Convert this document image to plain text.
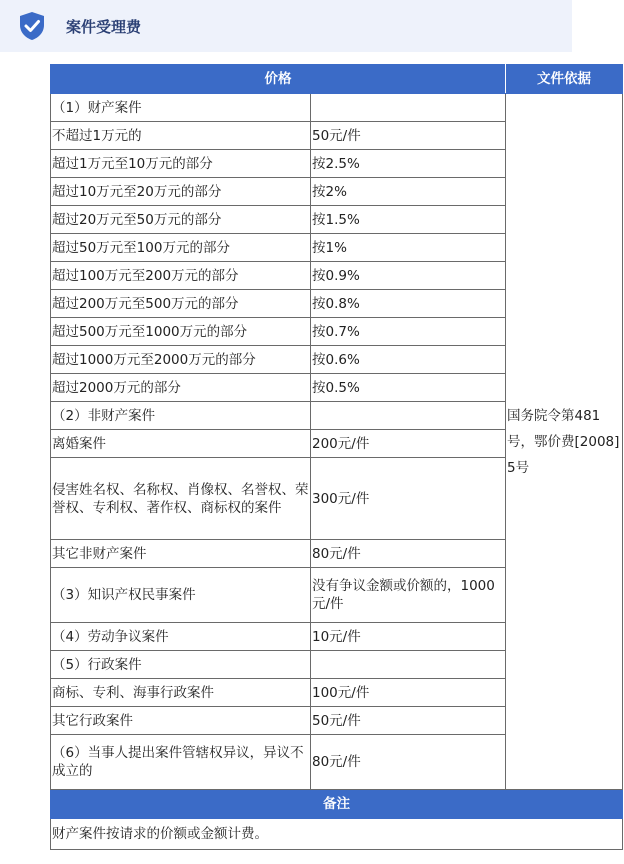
案件受理费
价格		文件依据
（1）财产案件		国务院令第481号，鄂价费[2008]5号
不超过1万元的	50元/件	
超过1万元至10万元的部分	按2.5%	
超过10万元至20万元的部分	按2%	
超过20万元至50万元的部分	按1.5%	
超过50万元至100万元的部分	按1%	
超过100万元至200万元的部分	按0.9%	
超过200万元至500万元的部分	按0.8%	
超过500万元至1000万元的部分	按0.7%	
超过1000万元至2000万元的部分	按0.6%	
超过2000万元的部分	按0.5%	
（2）非财产案件		
离婚案件	200元/件	
侵害姓名权、名称权、肖像权、名誉权、荣誉权、专利权、著作权、商标权的案件	300元/件	
其它非财产案件	80元/件	
（3）知识产权民事案件	没有争议金额或价额的，1000元/件	
（4）劳动争议案件	10元/件	
（5）行政案件		
商标、专利、海事行政案件	100元/件	
其它行政案件	50元/件	
（6）当事人提出案件管辖权异议，异议不成立的	80元/件	
备注		
财产案件按请求的价额或金额计费。		
